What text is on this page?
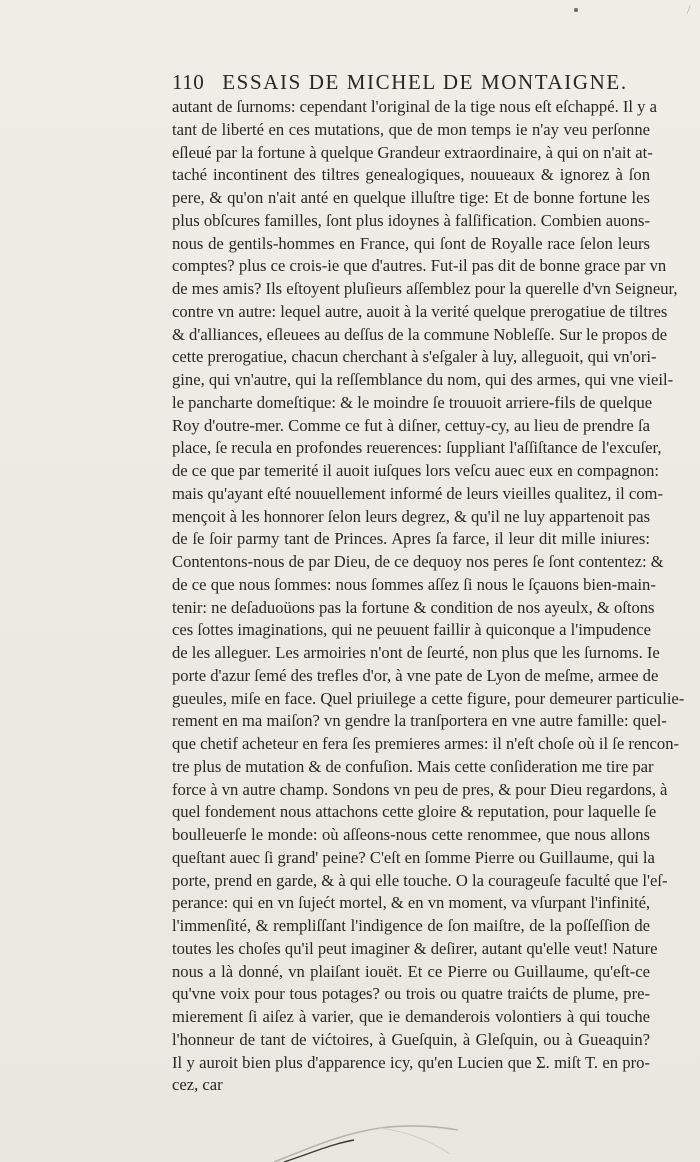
⁄
110 ESSAIS DE MICHEL DE MONTAIGNE.
autant de ſurnoms: cependant l'original de la tige nous eſt eſchappé. Il y a
tant de liberté en ces mutations, que de mon temps ie n'ay veu perſonne
eſleué par la fortune à quelque Grandeur extraordinaire, à qui on n'ait at-
taché incontinent des tiltres genealogiques, nouueaux & ignorez à ſon
pere, & qu'on n'ait anté en quelque illuſtre tige: Et de bonne fortune les
plus obſcures familles, ſont plus idoynes à falſification. Combien auons-
nous de gentils-hommes en France, qui ſont de Royalle race ſelon leurs
comptes? plus ce crois-ie que d'autres. Fut-il pas dit de bonne grace par vn
de mes amis? Ils eſtoyent pluſieurs aſſemblez pour la querelle d'vn Seigneur,
contre vn autre: lequel autre, auoit à la verité quelque prerogatiue de tiltres
& d'alliances, eſleuees au deſſus de la commune Nobleſſe. Sur le propos de
cette prerogatiue, chacun cherchant à s'eſgaler à luy, alleguoit, qui vn'ori-
gine, qui vn'autre, qui la reſſemblance du nom, qui des armes, qui vne vieil-
le pancharte domeſtique: & le moindre ſe trouuoit arriere-fils de quelque
Roy d'outre-mer. Comme ce fut à diſner, cettuy-cy, au lieu de prendre ſa
place, ſe recula en profondes reuerences: ſuppliant l'aſſiſtance de l'excuſer,
de ce que par temerité il auoit iuſques lors veſcu auec eux en compagnon:
mais qu'ayant eſté nouuellement informé de leurs vieilles qualitez, il com-
mençoit à les honnorer ſelon leurs degrez, & qu'il ne luy appartenoit pas
de ſe ſoir parmy tant de Princes. Apres ſa farce, il leur dit mille iniures:
Contentons-nous de par Dieu, de ce dequoy nos peres ſe ſont contentez: &
de ce que nous ſommes: nous ſommes aſſez ſi nous le ſçauons bien-main-
tenir: ne deſaduoüons pas la fortune & condition de nos ayeulx, & oſtons
ces ſottes imaginations, qui ne peuuent faillir à quiconque a l'impudence
de les alleguer. Les armoiries n'ont de ſeurté, non plus que les ſurnoms. Ie
porte d'azur ſemé des trefles d'or, à vne pate de Lyon de meſme, armee de
gueules, miſe en face. Quel priuilege a cette figure, pour demeurer particulie-
rement en ma maiſon? vn gendre la tranſportera en vne autre famille: quel-
que chetif acheteur en fera ſes premieres armes: il n'eſt choſe où il ſe rencon-
tre plus de mutation & de confuſion. Mais cette conſideration me tire par
force à vn autre champ. Sondons vn peu de pres, & pour Dieu regardons, à
quel fondement nous attachons cette gloire & reputation, pour laquelle ſe
boulleuerſe le monde: où aſſeons-nous cette renommee, que nous allons
queſtant auec ſi grand' peine? C'eſt en ſomme Pierre ou Guillaume, qui la
porte, prend en garde, & à qui elle touche. O la courageuſe faculté que l'eſ-
perance: qui en vn ſujećt mortel, & en vn moment, va vſurpant l'infinité,
l'immenſité, & rempliſſant l'indigence de ſon maiſtre, de la poſſeſſion de
toutes les choſes qu'il peut imaginer & deſirer, autant qu'elle veut! Nature
nous a là donné, vn plaiſant iouët. Et ce Pierre ou Guillaume, qu'eſt-ce
qu'vne voix pour tous potages? ou trois ou quatre traićts de plume, pre-
mierement ſi aiſez à varier, que ie demanderois volontiers à qui touche
l'honneur de tant de vićtoires, à Gueſquin, à Gleſquin, ou à Gueaquin?
Il y auroit bien plus d'apparence icy, qu'en Lucien que Σ. miſt T. en pro-
cez, car
